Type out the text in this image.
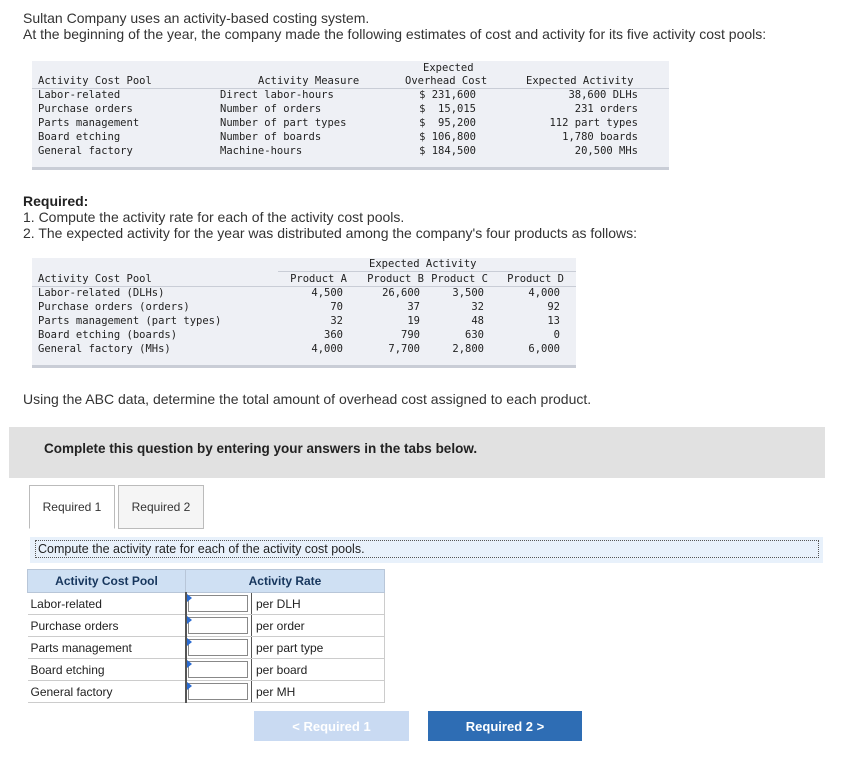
Sultan Company uses an activity-based costing system.
At the beginning of the year, the company made the following estimates of cost and activity for its five activity cost pools:
Expected
Activity Cost Pool	Activity Measure	Overhead Cost	Expected Activity
Labor-related	Direct labor-hours	$ 231,600	38,600 DLHs
Purchase orders	Number of orders	$  15,015	231 orders
Parts management	Number of part types	$  95,200	112 part types
Board etching	Number of boards	$ 106,800	1,780 boards
General factory	Machine-hours	$ 184,500	20,500 MHs
Required:
1. Compute the activity rate for each of the activity cost pools.
2. The expected activity for the year was distributed among the company's four products as follows:
Expected Activity
Activity Cost Pool	Product A Product B Product C Product D
Labor-related (DLHs)	4,500	26,600	3,500	4,000
Purchase orders (orders)	70	37	32	92
Parts management (part types)	32	19	48	13
Board etching (boards)	360	790	630	0
General factory (MHs)	4,000	7,700	2,800	6,000
Using the ABC data, determine the total amount of overhead cost assigned to each product.
Complete this question by entering your answers in the tabs below.
Required 1	Required 2
Compute the activity rate for each of the activity cost pools.
Activity Cost Pool	Activity Rate	
Labor-related		per DLH
Purchase orders		per order
Parts management		per part type
Board etching		per board
General factory		per MH
< Required 1	Required 2 >
